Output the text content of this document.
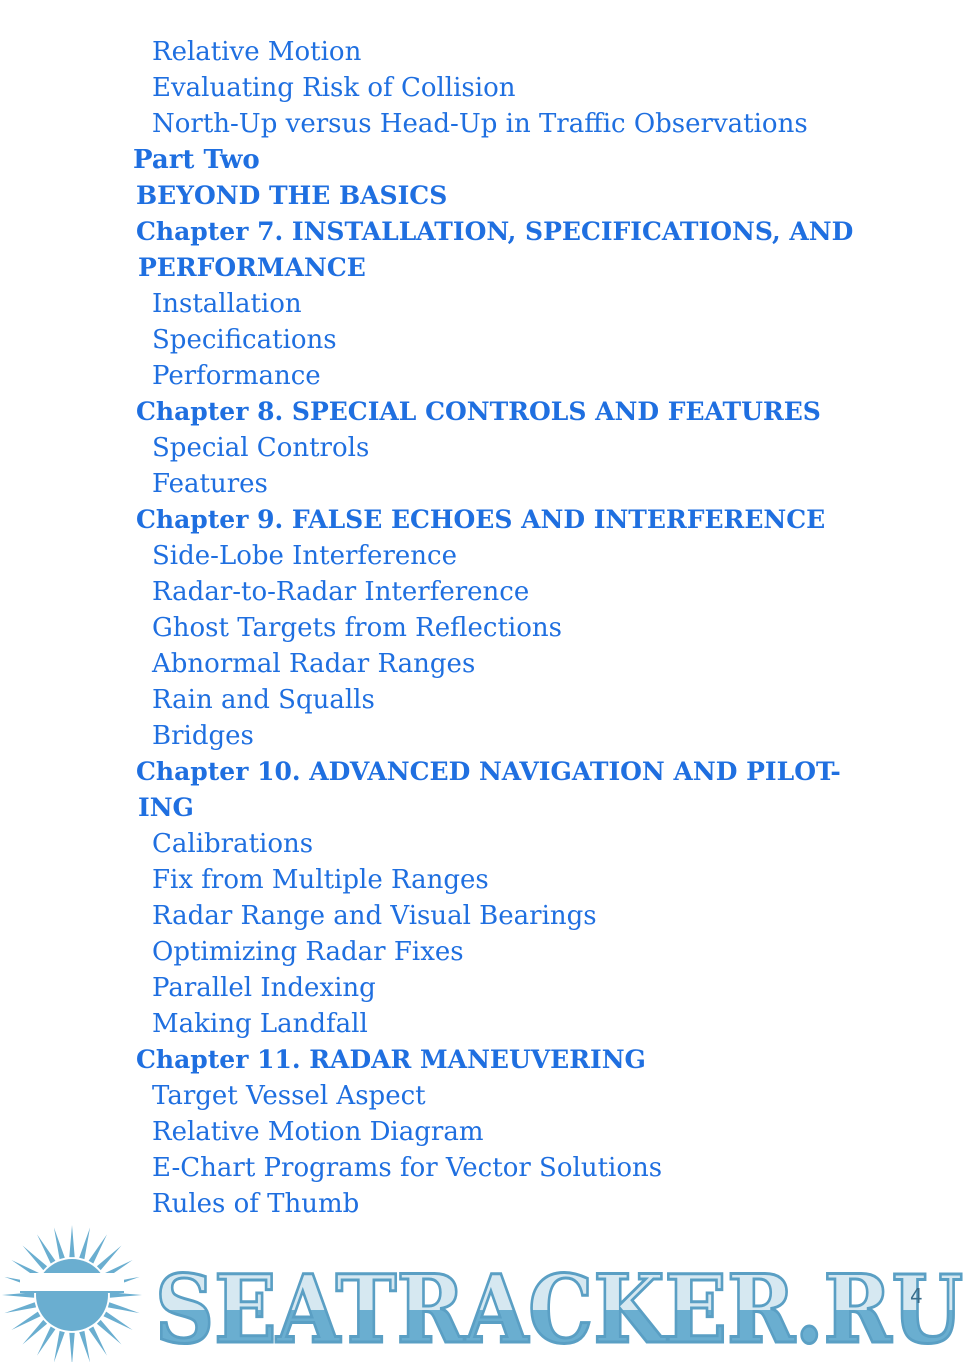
Relative Motion
Evaluating Risk of Collision
North-Up versus Head-Up in Traffic Observations
Part Two
BEYOND THE BASICS
Chapter 7. INSTALLATION, SPECIFICATIONS, AND
PERFORMANCE
Installation
Specifications
Performance
Chapter 8. SPECIAL CONTROLS AND FEATURES
Special Controls
Features
Chapter 9. FALSE ECHOES AND INTERFERENCE
Side-Lobe Interference
Radar-to-Radar Interference
Ghost Targets from Reflections
Abnormal Radar Ranges
Rain and Squalls
Bridges
Chapter 10. ADVANCED NAVIGATION AND PILOT-
ING
Calibrations
Fix from Multiple Ranges
Radar Range and Visual Bearings
Optimizing Radar Fixes
Parallel Indexing
Making Landfall
Chapter 11. RADAR MANEUVERING
Target Vessel Aspect
Relative Motion Diagram
E-Chart Programs for Vector Solutions
Rules of Thumb
SEATRACKER.RU
4
